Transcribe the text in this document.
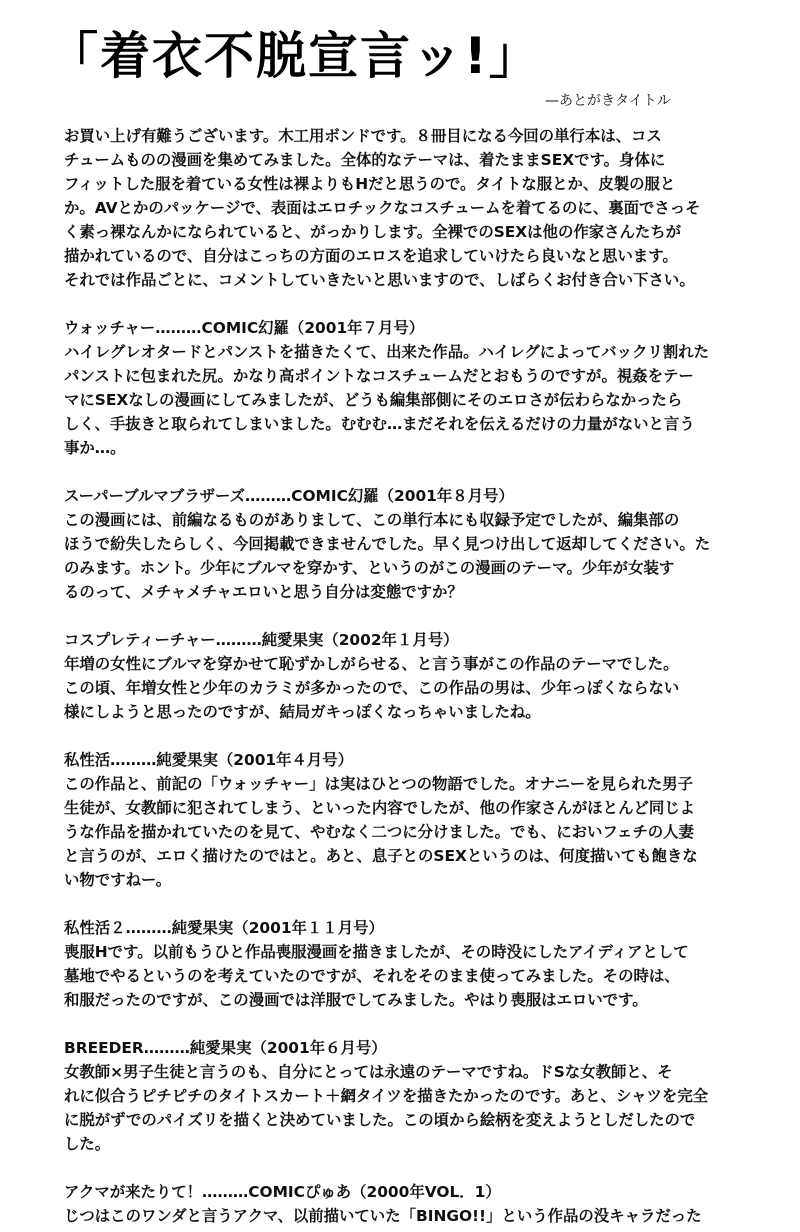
「着衣不脱宣言ッ!」
—あとがきタイトル
お買い上げ有難うございます。木工用ボンドです。８冊目になる今回の単行本は、コス
チュームものの漫画を集めてみました。全体的なテーマは、着たままSEXです。身体に
フィットした服を着ている女性は裸よりもHだと思うので。タイトな服とか、皮製の服と
か。AVとかのパッケージで、表面はエロチックなコスチュームを着てるのに、裏面でさっそ
く素っ裸なんかになられていると、がっかりします。全裸でのSEXは他の作家さんたちが
描かれているので、自分はこっちの方面のエロスを追求していけたら良いなと思います。
それでは作品ごとに、コメントしていきたいと思いますので、しばらくお付き合い下さい。
ウォッチャー………COMIC幻羅（2001年７月号）
ハイレグレオタードとパンストを描きたくて、出来た作品。ハイレグによってバックリ割れた
パンストに包まれた尻。かなり高ポイントなコスチュームだとおもうのですが。視姦をテー
マにSEXなしの漫画にしてみましたが、どうも編集部側にそのエロさが伝わらなかったら
しく、手抜きと取られてしまいました。むむむ…まだそれを伝えるだけの力量がないと言う
事か…。
スーパーブルマブラザーズ………COMIC幻羅（2001年８月号）
この漫画には、前編なるものがありまして、この単行本にも収録予定でしたが、編集部の
ほうで紛失したらしく、今回掲載できませんでした。早く見つけ出して返却してください。た
のみます。ホント。少年にブルマを穿かす、というのがこの漫画のテーマ。少年が女装す
るのって、メチャメチャエロいと思う自分は変態ですか？
コスプレティーチャー………純愛果実（2002年１月号）
年増の女性にブルマを穿かせて恥ずかしがらせる、と言う事がこの作品のテーマでした。
この頃、年増女性と少年のカラミが多かったので、この作品の男は、少年っぽくならない
様にしようと思ったのですが、結局ガキっぽくなっちゃいましたね。
私性活………純愛果実（2001年４月号）
この作品と、前記の「ウォッチャー」は実はひとつの物語でした。オナニーを見られた男子
生徒が、女教師に犯されてしまう、といった内容でしたが、他の作家さんがほとんど同じよ
うな作品を描かれていたのを見て、やむなく二つに分けました。でも、においフェチの人妻
と言うのが、エロく描けたのではと。あと、息子とのSEXというのは、何度描いても飽きな
い物ですねー。
私性活２………純愛果実（2001年１１月号）
喪服Hです。以前もうひと作品喪服漫画を描きましたが、その時没にしたアイディアとして
墓地でやるというのを考えていたのですが、それをそのまま使ってみました。その時は、
和服だったのですが、この漫画では洋服でしてみました。やはり喪服はエロいです。
BREEDER………純愛果実（2001年６月号）
女教師×男子生徒と言うのも、自分にとっては永遠のテーマですね。ドSな女教師と、そ
れに似合うピチピチのタイトスカート＋網タイツを描きたかったのです。あと、シャツを完全
に脱がずでのパイズリを描くと決めていました。この頃から絵柄を変えようとしだしたので
した。
アクマが来たりて！………COMICぴゅあ（2000年VOL．1）
じつはこのワンダと言うアクマ、以前描いていた「BINGO!!」という作品の没キャラだった
